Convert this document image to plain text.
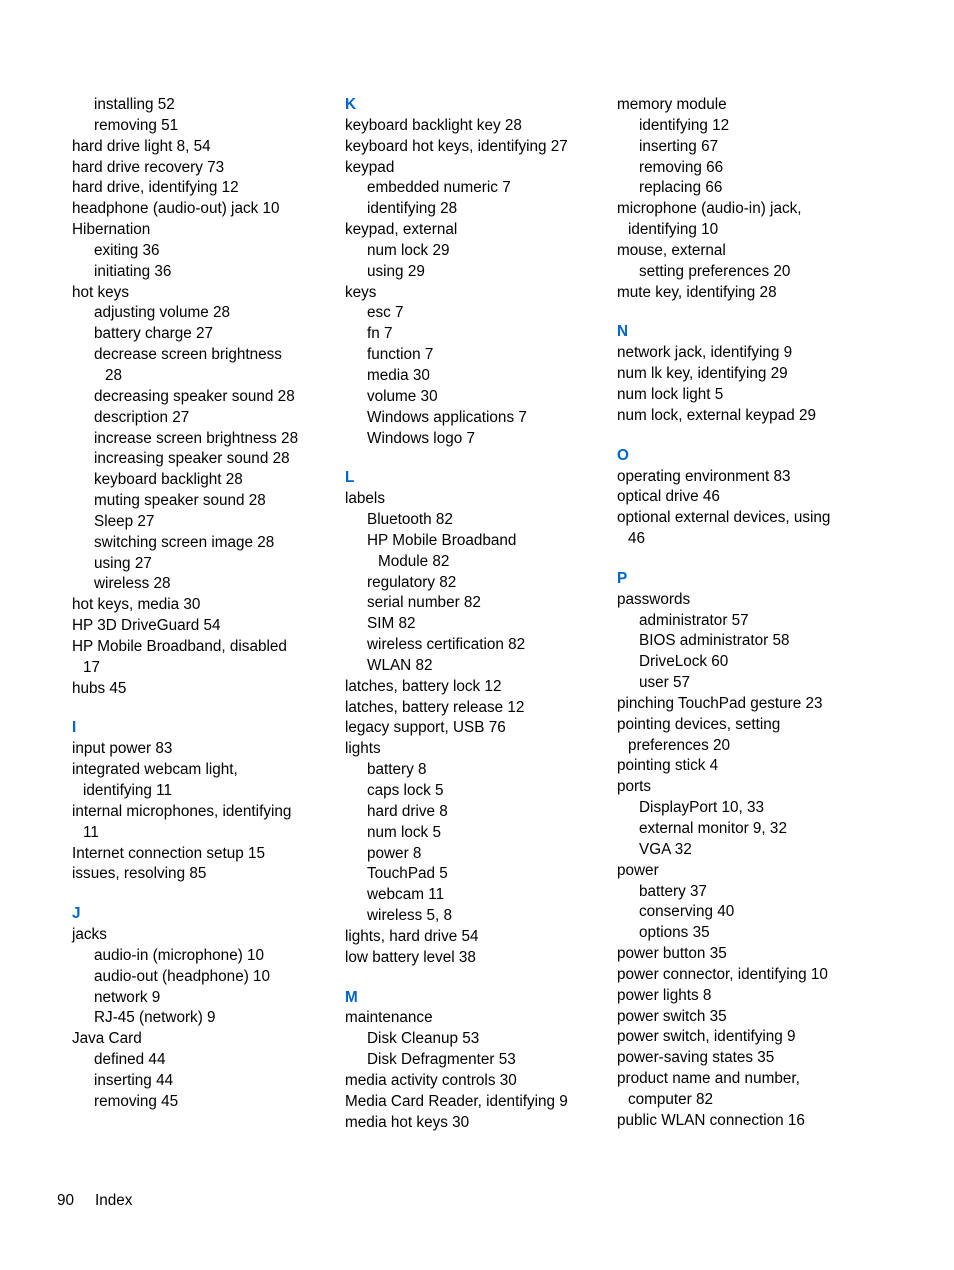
installing 52
removing 51
hard drive light 8, 54
hard drive recovery 73
hard drive, identifying 12
headphone (audio-out) jack 10
Hibernation
exiting 36
initiating 36
hot keys
adjusting volume 28
battery charge 27
decrease screen brightness
28
decreasing speaker sound 28
description 27
increase screen brightness 28
increasing speaker sound 28
keyboard backlight 28
muting speaker sound 28
Sleep 27
switching screen image 28
using 27
wireless 28
hot keys, media 30
HP 3D DriveGuard 54
HP Mobile Broadband, disabled
17
hubs 45
I
input power 83
integrated webcam light,
identifying 11
internal microphones, identifying
11
Internet connection setup 15
issues, resolving 85
J
jacks
audio-in (microphone) 10
audio-out (headphone) 10
network 9
RJ-45 (network) 9
Java Card
defined 44
inserting 44
removing 45
K
keyboard backlight key 28
keyboard hot keys, identifying 27
keypad
embedded numeric 7
identifying 28
keypad, external
num lock 29
using 29
keys
esc 7
fn 7
function 7
media 30
volume 30
Windows applications 7
Windows logo 7
L
labels
Bluetooth 82
HP Mobile Broadband
Module 82
regulatory 82
serial number 82
SIM 82
wireless certification 82
WLAN 82
latches, battery lock 12
latches, battery release 12
legacy support, USB 76
lights
battery 8
caps lock 5
hard drive 8
num lock 5
power 8
TouchPad 5
webcam 11
wireless 5, 8
lights, hard drive 54
low battery level 38
M
maintenance
Disk Cleanup 53
Disk Defragmenter 53
media activity controls 30
Media Card Reader, identifying 9
media hot keys 30
memory module
identifying 12
inserting 67
removing 66
replacing 66
microphone (audio-in) jack,
identifying 10
mouse, external
setting preferences 20
mute key, identifying 28
N
network jack, identifying 9
num lk key, identifying 29
num lock light 5
num lock, external keypad 29
O
operating environment 83
optical drive 46
optional external devices, using
46
P
passwords
administrator 57
BIOS administrator 58
DriveLock 60
user 57
pinching TouchPad gesture 23
pointing devices, setting
preferences 20
pointing stick 4
ports
DisplayPort 10, 33
external monitor 9, 32
VGA 32
power
battery 37
conserving 40
options 35
power button 35
power connector, identifying 10
power lights 8
power switch 35
power switch, identifying 9
power-saving states 35
product name and number,
computer 82
public WLAN connection 16
90 Index
